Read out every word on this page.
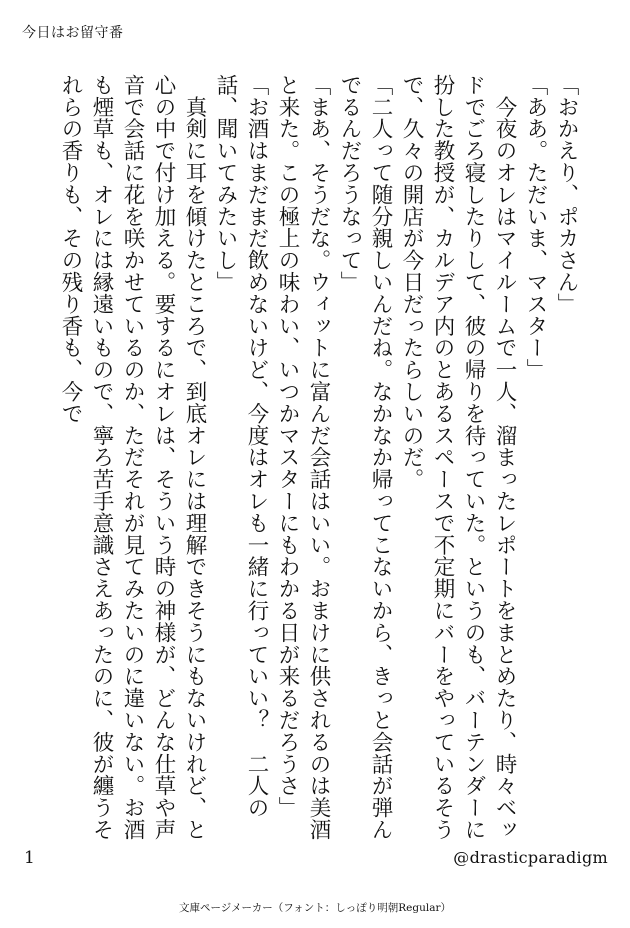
今日はお留守番

「おかえり、ポカさん」

「ああ。ただいま、マスター」

　今夜のオレはマイルームで一人、溜まったレポートをまとめたり、時々ベッドでごろ寝したりして、彼の帰りを待っていた。というのも、バーテンダーに扮した教授が、カルデア内のとあるスペースで不定期にバーをやっているそうで、久々の開店が今日だったらしいのだ。

「二人って随分親しいんだね。なかなか帰ってこないから、きっと会話が弾んでるんだろうなって」

「まあ、そうだな。ウィットに富んだ会話はいい。おまけに供されるのは美酒と来た。この極上の味わい、いつかマスターにもわかる日が来るだろうさ」

「お酒はまだまだ飲めないけど、今度はオレも一緒に行っていい？　二人の話、聞いてみたいし」

　真剣に耳を傾けたところで、到底オレには理解できそうにもないけれど、と心の中で付け加える。要するにオレは、そういう時の神様が、どんな仕草や声音で会話に花を咲かせているのか、ただそれが見てみたいのに違いない。お酒も煙草も、オレには縁遠いもので、寧ろ苦手意識さえあったのに、彼が纏うそれらの香りも、その残り香も、今で

1	@drasticparadigm
文庫ページメーカー（フォント：しっぽり明朝Regular）
